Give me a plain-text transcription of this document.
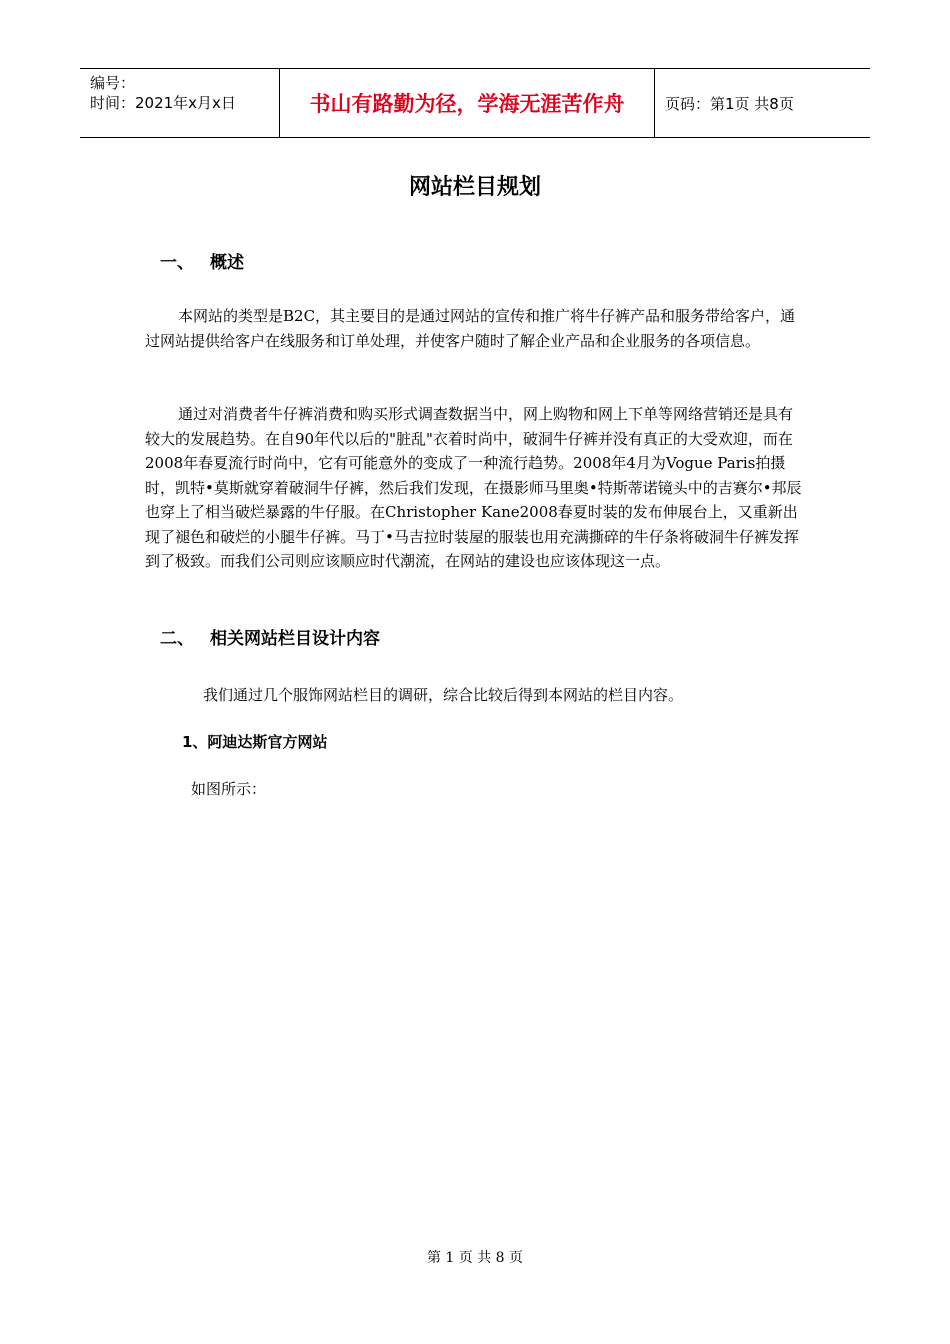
编号：
时间：2021年x月x日	书山有路勤为径，学海无涯苦作舟	页码：第1页 共8页
网站栏目规划
一、 概述

本网站的类型是B2C，其主要目的是通过网站的宣传和推广将牛仔裤产品和服务带给客户，通过网站提供给客户在线服务和订单处理，并使客户随时了解企业产品和企业服务的各项信息。

通过对消费者牛仔裤消费和购买形式调查数据当中，网上购物和网上下单等网络营销还是具有较大的发展趋势。在自90年代以后的"脏乱"衣着时尚中，破洞牛仔裤并没有真正的大受欢迎，而在2008年春夏流行时尚中，它有可能意外的变成了一种流行趋势。2008年4月为Vogue Paris拍摄时，凯特•莫斯就穿着破洞牛仔裤，然后我们发现，在摄影师马里奥•特斯蒂诺镜头中的吉赛尔•邦辰也穿上了相当破烂暴露的牛仔服。在Christopher Kane2008春夏时装的发布伸展台上，又重新出现了褪色和破烂的小腿牛仔裤。马丁•马吉拉时装屋的服装也用充满撕碎的牛仔条将破洞牛仔裤发挥到了极致。而我们公司则应该顺应时代潮流，在网站的建设也应该体现这一点。

二、 相关网站栏目设计内容
我们通过几个服饰网站栏目的调研，综合比较后得到本网站的栏目内容。
1、阿迪达斯官方网站
如图所示：
第 1 页 共 8 页
